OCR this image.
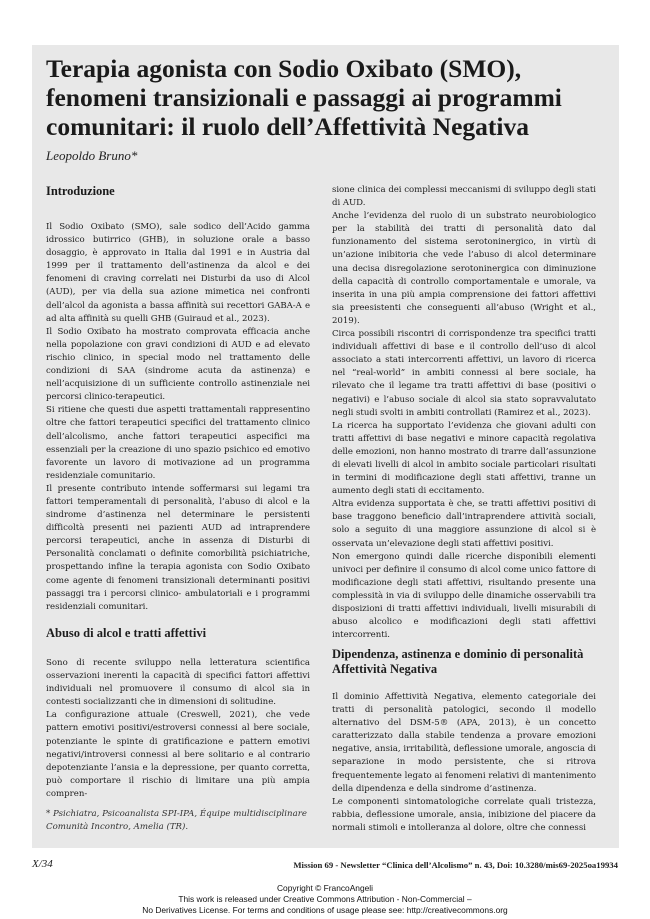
Terapia agonista con Sodio Oxibato (SMO), fenomeni transizionali e passaggi ai programmi comunitari: il ruolo dell’Affettività Negativa
Leopoldo Bruno*
Introduzione

Il Sodio Oxibato (SMO), sale sodico dell’Acido gamma idrossico butirrico (GHB), in soluzione orale a basso dosaggio, è approvato in Italia dal 1991 e in Austria dal 1999 per il trattamento dell’astinenza da alcol e dei fenomeni di craving correlati nei Disturbi da uso di Alcol (AUD), per via della sua azione mimetica nei confronti dell’alcol da agonista a bassa affinità sui recettori GABA-A e ad alta affinità su quelli GHB (Guiraud et al., 2023).

Il Sodio Oxibato ha mostrato comprovata efficacia anche nella popolazione con gravi condizioni di AUD e ad elevato rischio clinico, in special modo nel trattamento delle condizioni di SAA (sindrome acuta da astinenza) e nell’acquisizione di un sufficiente controllo astinenziale nei percorsi clinico-terapeutici.

Si ritiene che questi due aspetti trattamentali rappresentino oltre che fattori terapeutici specifici del trattamento clinico dell’alcolismo, anche fattori terapeutici aspecifici ma essenziali per la creazione di uno spazio psichico ed emotivo favorente un lavoro di motivazione ad un programma residenziale comunitario.

Il presente contributo intende soffermarsi sui legami tra fattori temperamentali di personalità, l’abuso di alcol e la sindrome d’astinenza nel determinare le persistenti difficoltà presenti nei pazienti AUD ad intraprendere percorsi terapeutici, anche in assenza di Disturbi di Personalità conclamati o definite comorbilità psichiatriche, prospettando infine la terapia agonista con Sodio Oxibato come agente di fenomeni transizionali determinanti positivi passaggi tra i percorsi clinico- ambulatoriali e i programmi residenziali comunitari.

Abuso di alcol e tratti affettivi

Sono di recente sviluppo nella letteratura scientifica osservazioni inerenti la capacità di specifici fattori affettivi individuali nel promuovere il consumo di alcol sia in contesti socializzanti che in dimensioni di solitudine.

La configurazione attuale (Creswell, 2021), che vede pattern emotivi positivi/estroversi connessi al bere sociale, potenziante le spinte di gratificazione e pattern emotivi negativi/introversi connessi al bere solitario e al contrario depotenziante l’ansia e la depressione, per quanto corretta, può comportare il rischio di limitare una più ampia compren-

* Psichiatra, Psicoanalista SPI-IPA, Équipe multidisciplinare Comunità Incontro, Amelia (TR).

sione clinica dei complessi meccanismi di sviluppo degli stati di AUD.

Anche l’evidenza del ruolo di un substrato neurobiologico per la stabilità dei tratti di personalità dato dal funzionamento del sistema serotoninergico, in virtù di un’azione inibitoria che vede l’abuso di alcol determinare una decisa disregolazione serotoninergica con diminuzione della capacità di controllo comportamentale e umorale, va inserita in una più ampia comprensione dei fattori affettivi sia preesistenti che conseguenti all’abuso (Wright et al., 2019).

Circa possibili riscontri di corrispondenze tra specifici tratti individuali affettivi di base e il controllo dell’uso di alcol associato a stati intercorrenti affettivi, un lavoro di ricerca nel “real-world” in ambiti connessi al bere sociale, ha rilevato che il legame tra tratti affettivi di base (positivi o negativi) e l’abuso sociale di alcol sia stato sopravvalutato negli studi svolti in ambiti controllati (Ramirez et al., 2023).

La ricerca ha supportato l’evidenza che giovani adulti con tratti affettivi di base negativi e minore capacità regolativa delle emozioni, non hanno mostrato di trarre dall’assunzione di elevati livelli di alcol in ambito sociale particolari risultati in termini di modificazione degli stati affettivi, tranne un aumento degli stati di eccitamento.

Altra evidenza supportata è che, se tratti affettivi positivi di base traggono beneficio dall’intraprendere attività sociali, solo a seguito di una maggiore assunzione di alcol si è osservata un’elevazione degli stati affettivi positivi.

Non emergono quindi dalle ricerche disponibili elementi univoci per definire il consumo di alcol come unico fattore di modificazione degli stati affettivi, risultando presente una complessità in via di sviluppo delle dinamiche osservabili tra disposizioni di tratti affettivi individuali, livelli misurabili di abuso alcolico e modificazioni degli stati affettivi intercorrenti.

Dipendenza, astinenza e dominio di personalità Affettività Negativa

Il dominio Affettività Negativa, elemento categoriale dei tratti di personalità patologici, secondo il modello alternativo del DSM-5® (APA, 2013), è un concetto caratterizzato dalla stabile tendenza a provare emozioni negative, ansia, irritabilità, deflessione umorale, angoscia di separazione in modo persistente, che si ritrova frequentemente legato ai fenomeni relativi di mantenimento della dipendenza e della sindrome d’astinenza.

Le componenti sintomatologiche correlate quali tristezza, rabbia, deflessione umorale, ansia, inibizione del piacere da normali stimoli e intolleranza al dolore, oltre che connessi

X/34	Mission 69 - Newsletter “Clinica dell’Alcolismo” n. 43, Doi: 10.3280/mis69-2025oa19934
Copyright © FrancoAngeli
This work is released under Creative Commons Attribution - Non-Commercial –
No Derivatives License. For terms and conditions of usage please see: http://creativecommons.org
